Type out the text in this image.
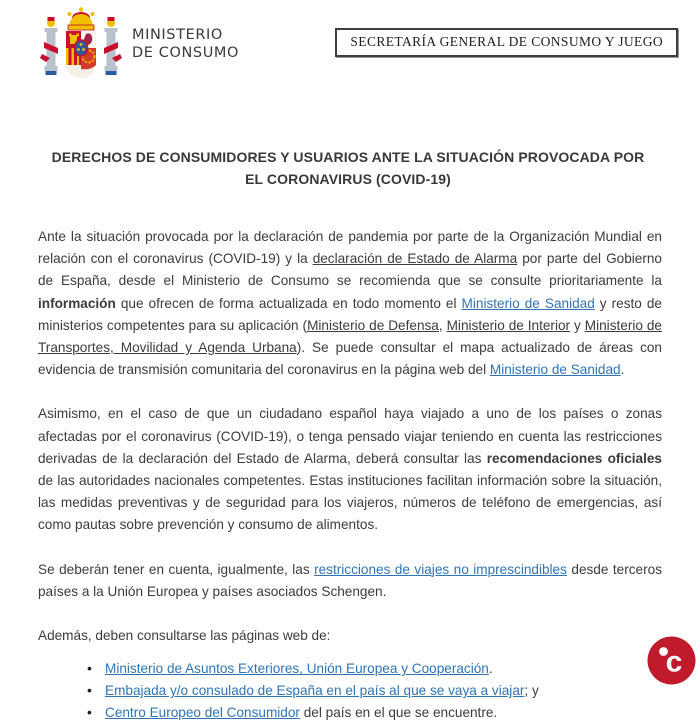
MINISTERIO
DE CONSUMO
SECRETARÍA GENERAL DE CONSUMO Y JUEGO
DERECHOS DE CONSUMIDORES Y USUARIOS ANTE LA SITUACIÓN PROVOCADA POR EL CORONAVIRUS (COVID-19)

Ante la situación provocada por la declaración de pandemia por parte de la Organización Mundial en relación con el coronavirus (COVID-19) y la declaración de Estado de Alarma por parte del Gobierno de España, desde el Ministerio de Consumo se recomienda que se consulte prioritariamente la información que ofrecen de forma actualizada en todo momento el Ministerio de Sanidad y resto de ministerios competentes para su aplicación (Ministerio de Defensa, Ministerio de Interior y Ministerio de Transportes, Movilidad y Agenda Urbana). Se puede consultar el mapa actualizado de áreas con evidencia de transmisión comunitaria del coronavirus en la página web del Ministerio de Sanidad.

Asimismo, en el caso de que un ciudadano español haya viajado a uno de los países o zonas afectadas por el coronavirus (COVID-19), o tenga pensado viajar teniendo en cuenta las restricciones derivadas de la declaración del Estado de Alarma, deberá consultar las recomendaciones oficiales de las autoridades nacionales competentes. Estas instituciones facilitan información sobre la situación, las medidas preventivas y de seguridad para los viajeros, números de teléfono de emergencias, así como pautas sobre prevención y consumo de alimentos.

Se deberán tener en cuenta, igualmente, las restricciones de viajes no imprescindibles desde terceros países a la Unión Europea y países asociados Schengen.

Además, deben consultarse las páginas web de:

• Ministerio de Asuntos Exteriores, Unión Europea y Cooperación.
• Embajada y/o consulado de España en el país al que se vaya a viajar; y
• Centro Europeo del Consumidor del país en el que se encuentre.
c
